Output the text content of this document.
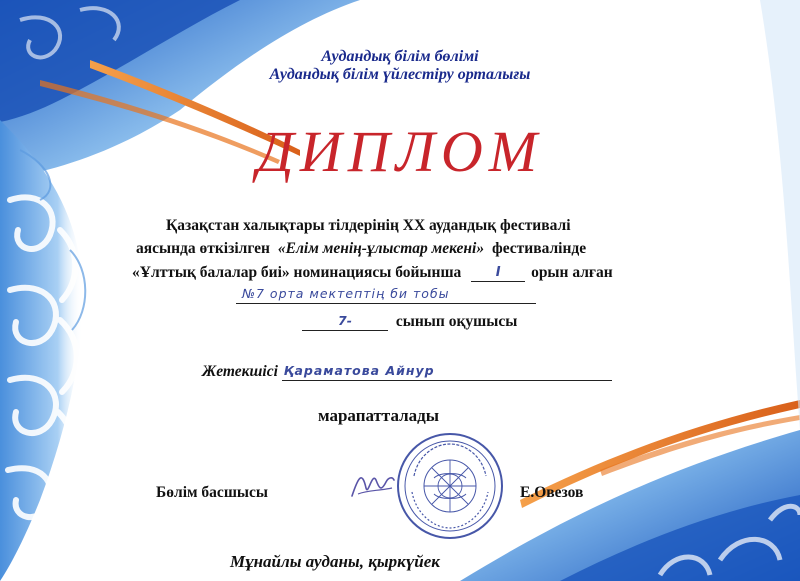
Аудандық білім бөлімі
Аудандық білім үйлестіру орталығы
ДИПЛОМ
Қазақстан халықтары тілдерінің ХХ аудандық фестивалі
аясында өткізілген «Елім менің-ұлыстар мекені» фестивалінде
«Ұлттық балалар биі» номинациясы бойынша	I орын алған
№7 орта мектептің би тобы
7-	сынып оқушысы
Жетекшісі Қараматова Айнур
марапатталады
Бөлім басшысы	Е.Овезов
Мұнайлы ауданы, қыркүйек
